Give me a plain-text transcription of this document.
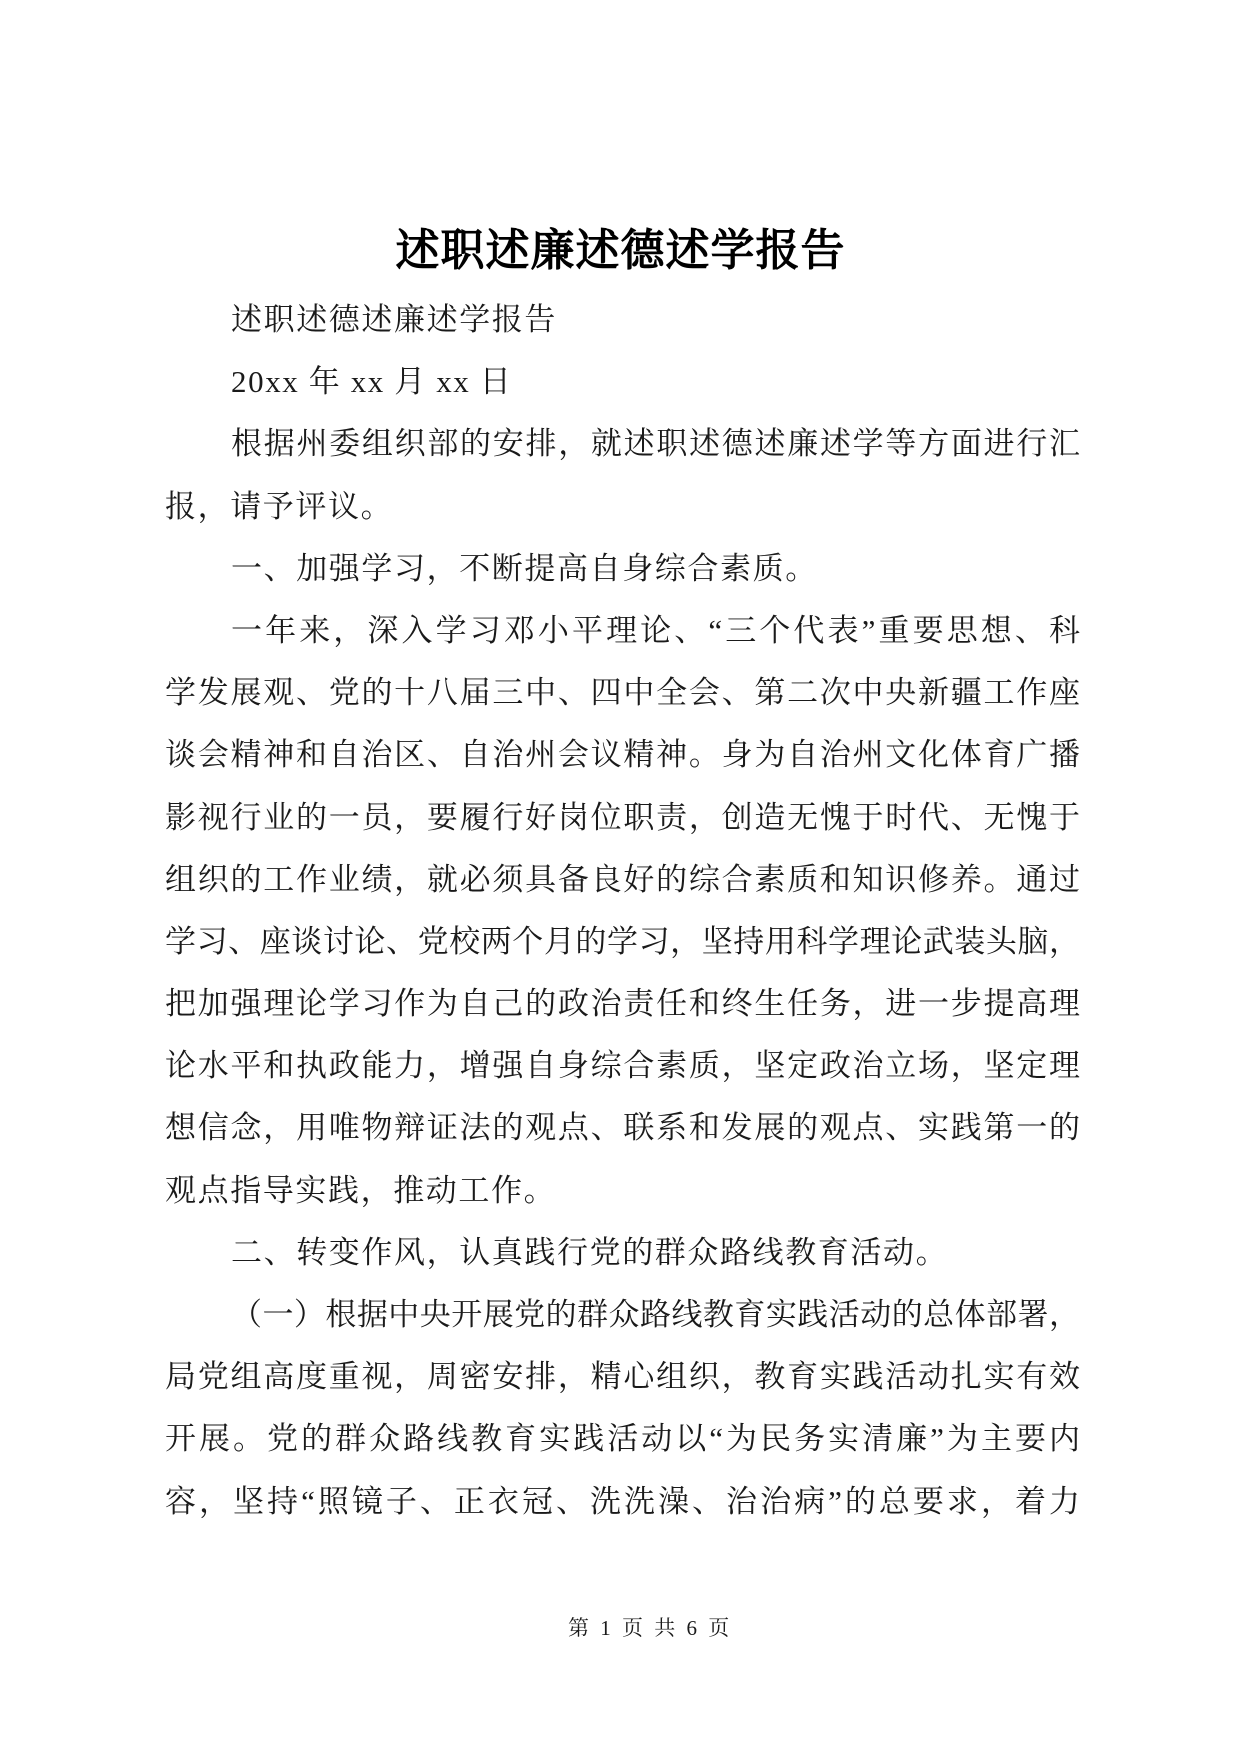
述职述廉述德述学报告
述职述德述廉述学报告
20xx 年 xx 月 xx 日
根据州委组织部的安排，就述职述德述廉述学等方面进行汇
报，请予评议。
一、加强学习，不断提高自身综合素质。
一年来，深入学习邓小平理论、“三个代表”重要思想、科
学发展观、党的十八届三中、四中全会、第二次中央新疆工作座
谈会精神和自治区、自治州会议精神。身为自治州文化体育广播
影视行业的一员，要履行好岗位职责，创造无愧于时代、无愧于
组织的工作业绩，就必须具备良好的综合素质和知识修养。通过
学习、座谈讨论、党校两个月的学习，坚持用科学理论武装头脑，
把加强理论学习作为自己的政治责任和终生任务，进一步提高理
论水平和执政能力，增强自身综合素质，坚定政治立场，坚定理
想信念，用唯物辩证法的观点、联系和发展的观点、实践第一的
观点指导实践，推动工作。
二、转变作风，认真践行党的群众路线教育活动。
（一）根据中央开展党的群众路线教育实践活动的总体部署，
局党组高度重视，周密安排，精心组织，教育实践活动扎实有效
开展。党的群众路线教育实践活动以“为民务实清廉”为主要内
容，坚持“照镜子、正衣冠、洗洗澡、治治病”的总要求，着力
第 1 页 共 6 页
